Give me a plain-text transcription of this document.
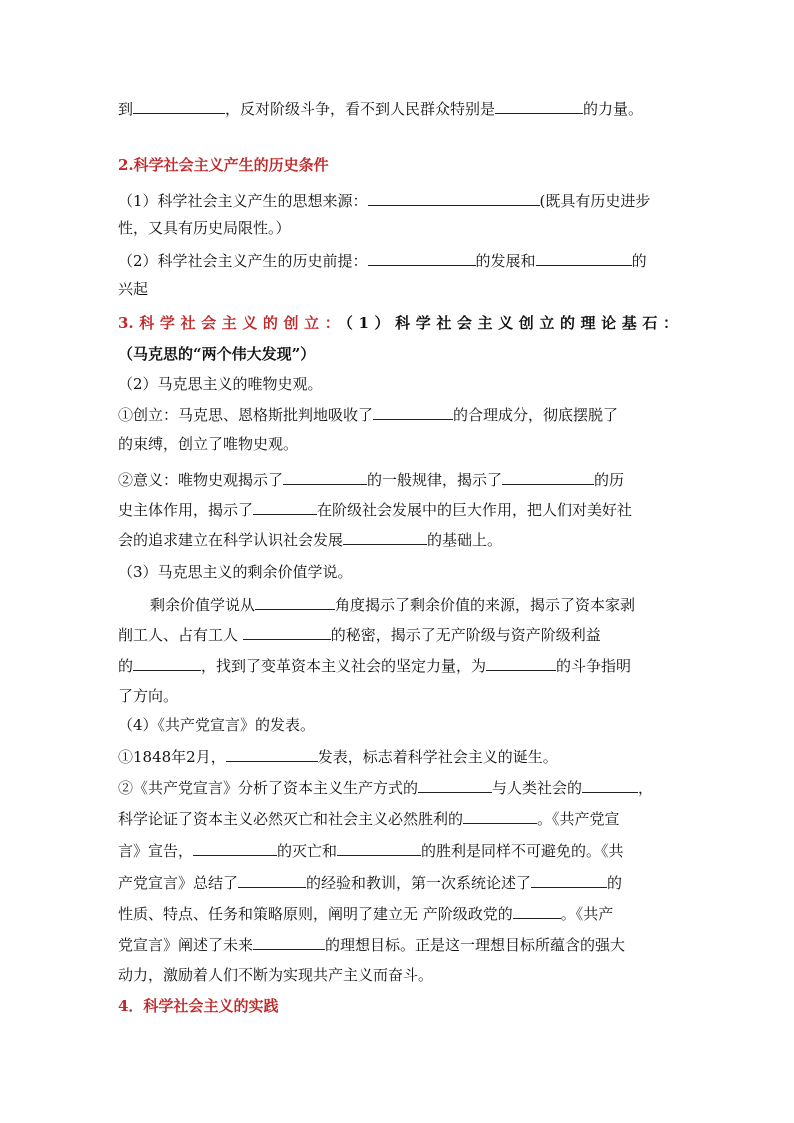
到	，反对阶级斗争，看不到人民群众特别是	的力量。
2.科学社会主义产生的历史条件
（1）科学社会主义产生的思想来源：	(既具有历史进步
性，又具有历史局限性。）
（2）科学社会主义产生的历史前提：	的发展和	的
兴起
3.科学社会主义的创立：（1）科学社会主义创立的理论基石：
（马克思的“两个伟大发现”）
（2）马克思主义的唯物史观。
①创立：马克思、恩格斯批判地吸收了	的合理成分，彻底摆脱了
的束缚，创立了唯物史观。
②意义：唯物史观揭示了	的一般规律，揭示了	的历
史主体作用，揭示了	在阶级社会发展中的巨大作用，把人们对美好社
会的追求建立在科学认识社会发展	的基础上。
（3）马克思主义的剩余价值学说。
剩余价值学说从	角度揭示了剩余价值的来源，揭示了资本家剥
削工人、占有工人	的秘密，揭示了无产阶级与资产阶级利益
的	，找到了变革资本主义社会的坚定力量，为	的斗争指明
了方向。
（4）《共产党宣言》的发表。
①1848年2月，	发表，标志着科学社会主义的诞生。
②《共产党宣言》分析了资本主义生产方式的	与人类社会的	，
科学论证了资本主义必然灭亡和社会主义必然胜利的	。《共产党宣
言》宣告，	的灭亡和	的胜利是同样不可避免的。《共
产党宣言》总结了	的经验和教训，第一次系统论述了	的
性质、特点、任务和策略原则，阐明了建立无 产阶级政党的	。《共产
党宣言》阐述了未来	的理想目标。正是这一理想目标所蕴含的强大
动力，激励着人们不断为实现共产主义而奋斗。
4．科学社会主义的实践
